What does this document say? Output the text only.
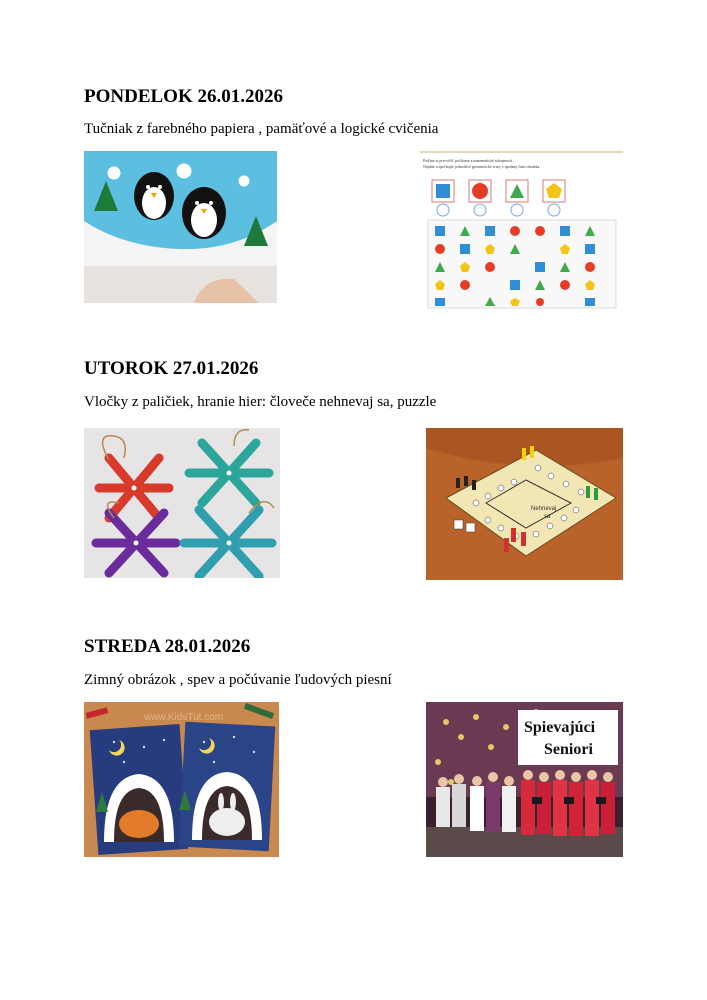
PONDELOK 26.01.2026

Tučniak z farebného papiera , pamäťové a logické cvičenia

Poďme si precvičiť počítanie a matematické schopnosti.
Nájdite a spočítajte jednotlivé geometrické tvary v spodnej časti obrázka.
UTOROK 27.01.2026

Vločky z paličiek, hranie hier: človeče nehnevaj sa, puzzle

Nehnevaj
sa
STREDA 28.01.2026

Zimný obrázok , spev a počúvanie ľudových piesní

www.KidsTut.com
Spievajúci
Seniori
